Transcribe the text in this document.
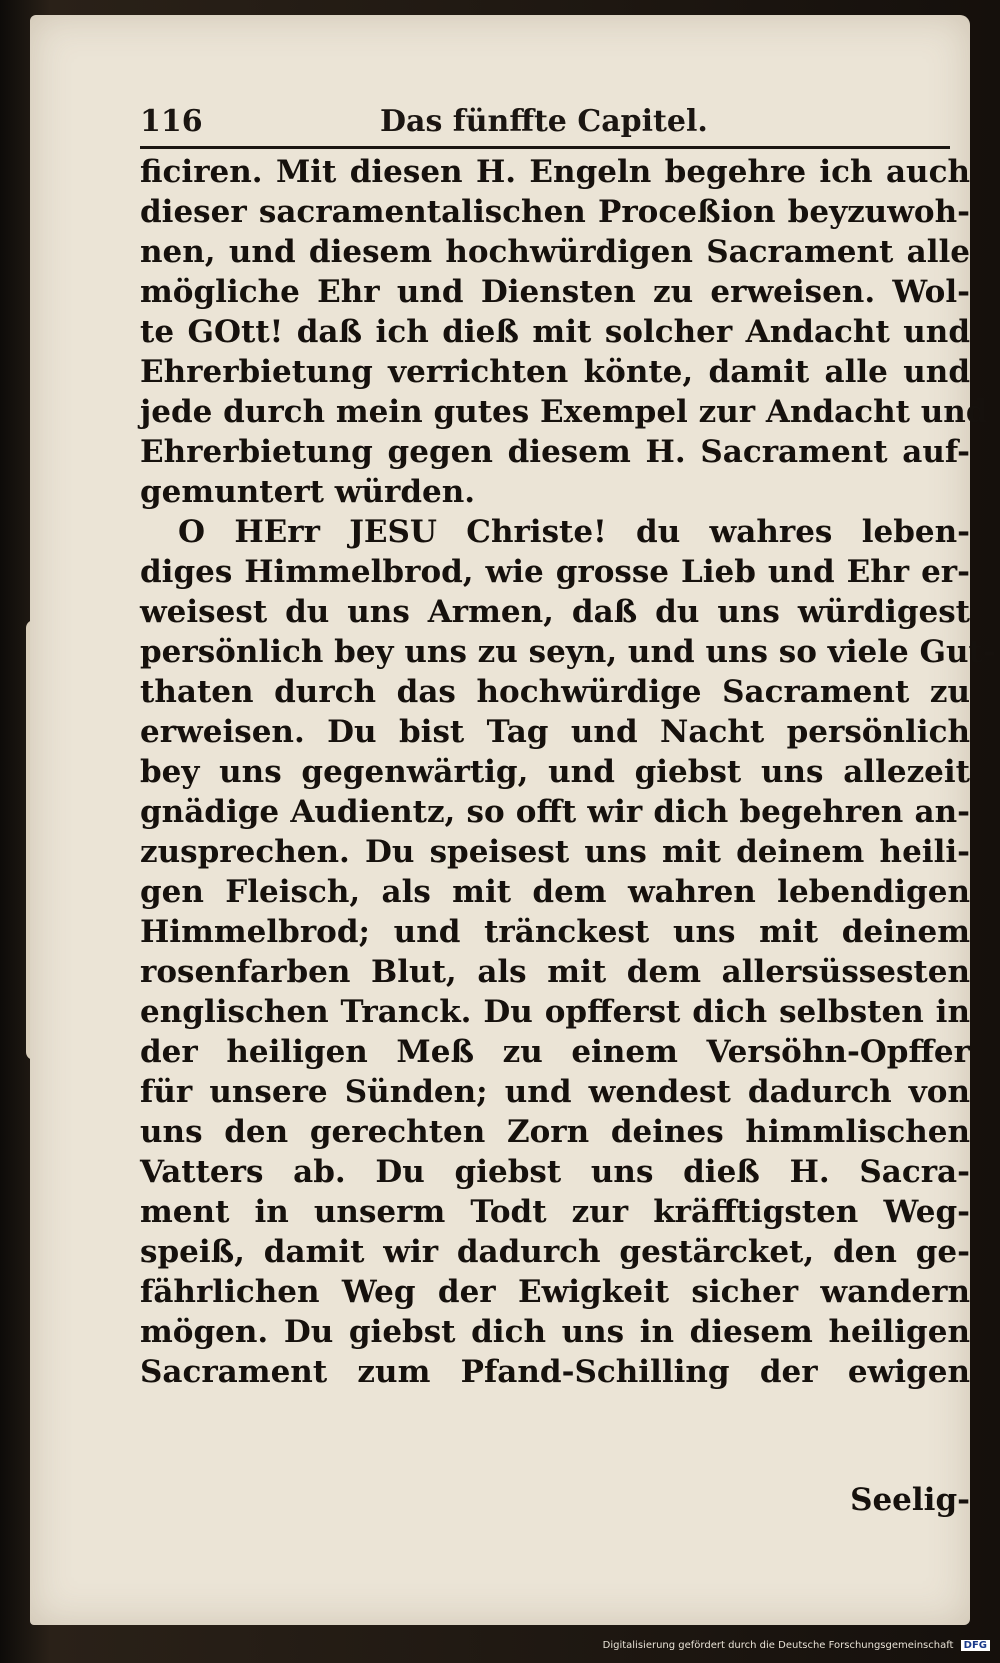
116	Das fünffte Capitel.
ficiren. Mit diesen H. Engeln begehre ich auch
dieser sacramentalischen Proceßion beyzuwoh-
nen, und diesem hochwürdigen Sacrament alle
mögliche Ehr und Diensten zu erweisen. Wol-
te GOtt! daß ich dieß mit solcher Andacht und
Ehrerbietung verrichten könte, damit alle und
jede durch mein gutes Exempel zur Andacht und
Ehrerbietung gegen diesem H. Sacrament auf-
gemuntert würden.
O HErr JESU Christe! du wahres leben-
diges Himmelbrod, wie grosse Lieb und Ehr er-
weisest du uns Armen, daß du uns würdigest
persönlich bey uns zu seyn, und uns so viele Gut-
thaten durch das hochwürdige Sacrament zu
erweisen. Du bist Tag und Nacht persönlich
bey uns gegenwärtig, und giebst uns allezeit
gnädige Audientz, so offt wir dich begehren an-
zusprechen. Du speisest uns mit deinem heili-
gen Fleisch, als mit dem wahren lebendigen
Himmelbrod; und tränckest uns mit deinem
rosenfarben Blut, als mit dem allersüssesten
englischen Tranck. Du opfferst dich selbsten in
der heiligen Meß zu einem Versöhn-Opffer
für unsere Sünden; und wendest dadurch von
uns den gerechten Zorn deines himmlischen
Vatters ab. Du giebst uns dieß H. Sacra-
ment in unserm Todt zur kräfftigsten Weg-
speiß, damit wir dadurch gestärcket, den ge-
fährlichen Weg der Ewigkeit sicher wandern
mögen. Du giebst dich uns in diesem heiligen
Sacrament zum Pfand-Schilling der ewigen
Seelig-
Digitalisierung gefördert durch die Deutsche Forschungsgemeinschaft DFG
